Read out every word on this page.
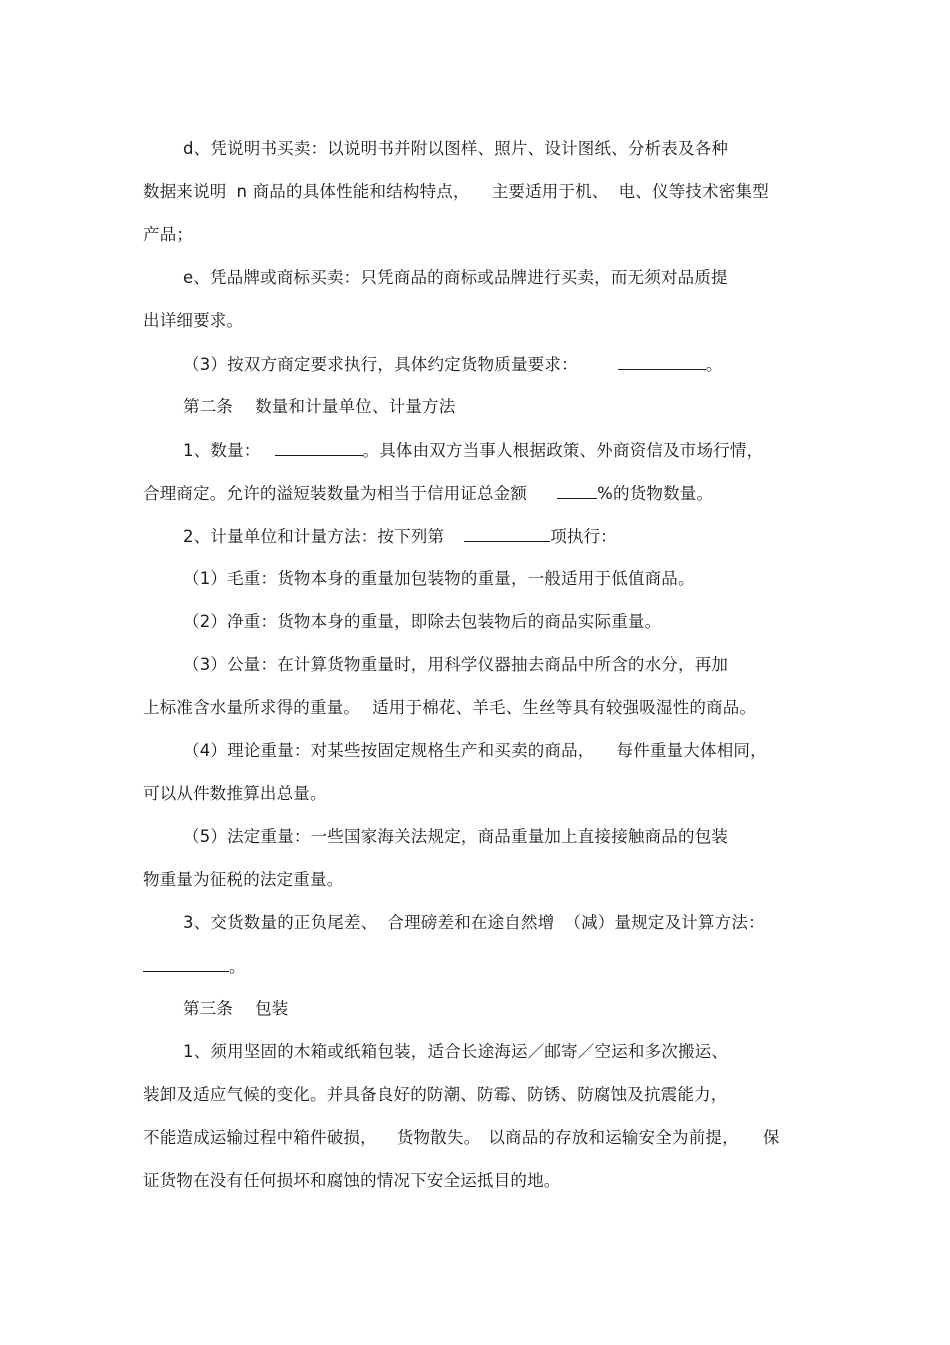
d、凭说明书买卖：以说明书并附以图样、照片、设计图纸、分析表及各种
数据来说明 n 商品的具体性能和结构特点， 主要适用于机、 电、仪等技术密集型
产品；
e、凭品牌或商标买卖：只凭商品的商标或品牌进行买卖，而无须对品质提
出详细要求。
（3）按双方商定要求执行，具体约定货物质量要求：	。
第二条 数量和计量单位、计量方法
1、数量：	。具体由双方当事人根据政策、外商资信及市场行情，
合理商定。允许的溢短装数量为相当于信用证总金额	%的货物数量。
2、计量单位和计量方法：按下列第	项执行：
（1）毛重：货物本身的重量加包装物的重量，一般适用于低值商品。
（2）净重：货物本身的重量，即除去包装物后的商品实际重量。
（3）公量：在计算货物重量时，用科学仪器抽去商品中所含的水分，再加
上标准含水量所求得的重量。 适用于棉花、羊毛、生丝等具有较强吸湿性的商品。
（4）理论重量：对某些按固定规格生产和买卖的商品， 每件重量大体相同，
可以从件数推算出总量。
（5）法定重量：一些国家海关法规定，商品重量加上直接接触商品的包装
物重量为征税的法定重量。
3、交货数量的正负尾差、 合理磅差和在途自然增 （减）量规定及计算方法：
。
第三条 包装
1、须用坚固的木箱或纸箱包装，适合长途海运／邮寄／空运和多次搬运、
装卸及适应气候的变化。并具备良好的防潮、防霉、防锈、防腐蚀及抗震能力，
不能造成运输过程中箱件破损， 货物散失。 以商品的存放和运输安全为前提， 保
证货物在没有任何损坏和腐蚀的情况下安全运抵目的地。
